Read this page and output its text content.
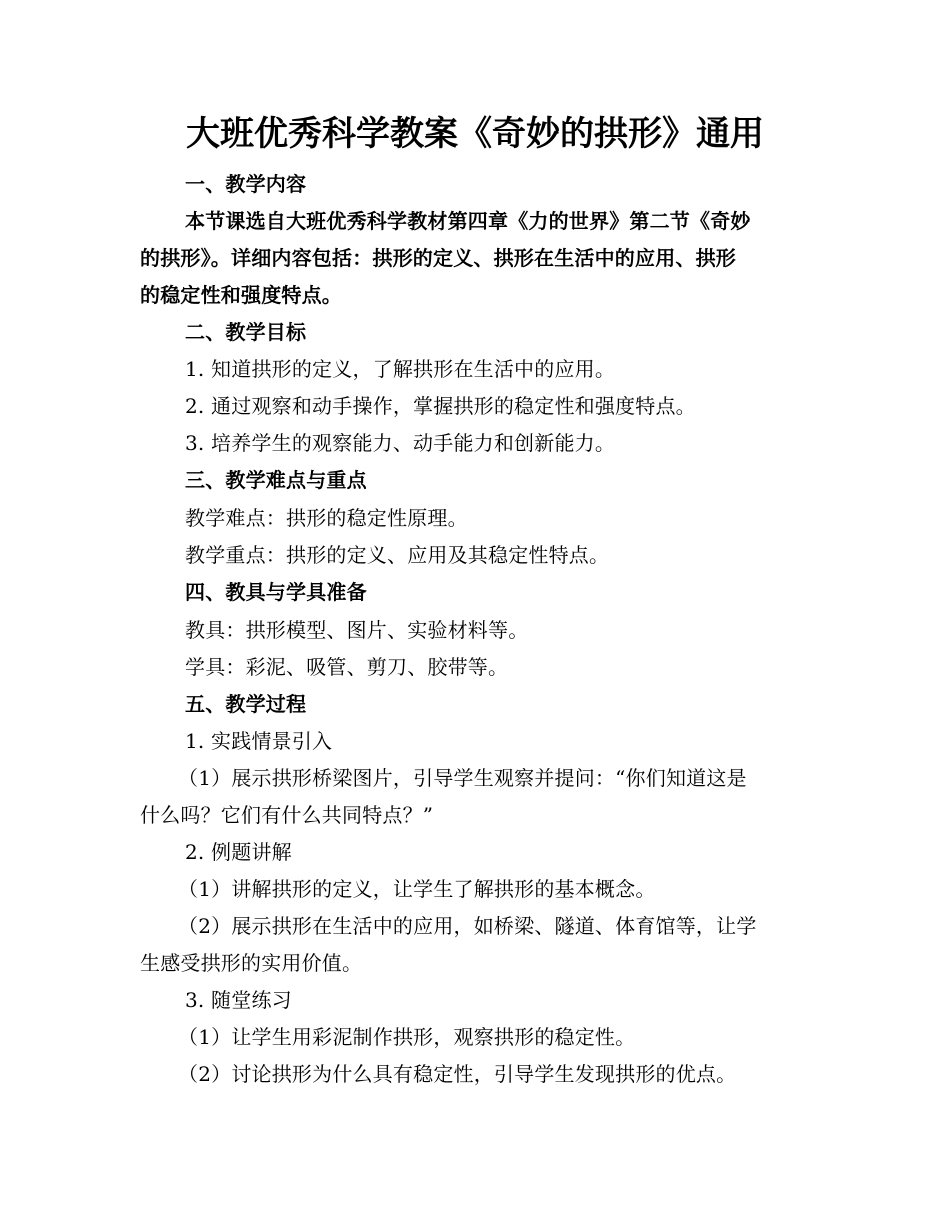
大班优秀科学教案《奇妙的拱形》通用
一、教学内容
本节课选自大班优秀科学教材第四章《力的世界》第二节《奇妙
的拱形》。详细内容包括：拱形的定义、拱形在生活中的应用、拱形
的稳定性和强度特点。
二、教学目标
1. 知道拱形的定义，了解拱形在生活中的应用。
2. 通过观察和动手操作，掌握拱形的稳定性和强度特点。
3. 培养学生的观察能力、动手能力和创新能力。
三、教学难点与重点
教学难点：拱形的稳定性原理。
教学重点：拱形的定义、应用及其稳定性特点。
四、教具与学具准备
教具：拱形模型、图片、实验材料等。
学具：彩泥、吸管、剪刀、胶带等。
五、教学过程
1. 实践情景引入
（1）展示拱形桥梁图片，引导学生观察并提问：“你们知道这是
什么吗？它们有什么共同特点？”
2. 例题讲解
（1）讲解拱形的定义，让学生了解拱形的基本概念。
（2）展示拱形在生活中的应用，如桥梁、隧道、体育馆等，让学
生感受拱形的实用价值。
3. 随堂练习
（1）让学生用彩泥制作拱形，观察拱形的稳定性。
（2）讨论拱形为什么具有稳定性，引导学生发现拱形的优点。
